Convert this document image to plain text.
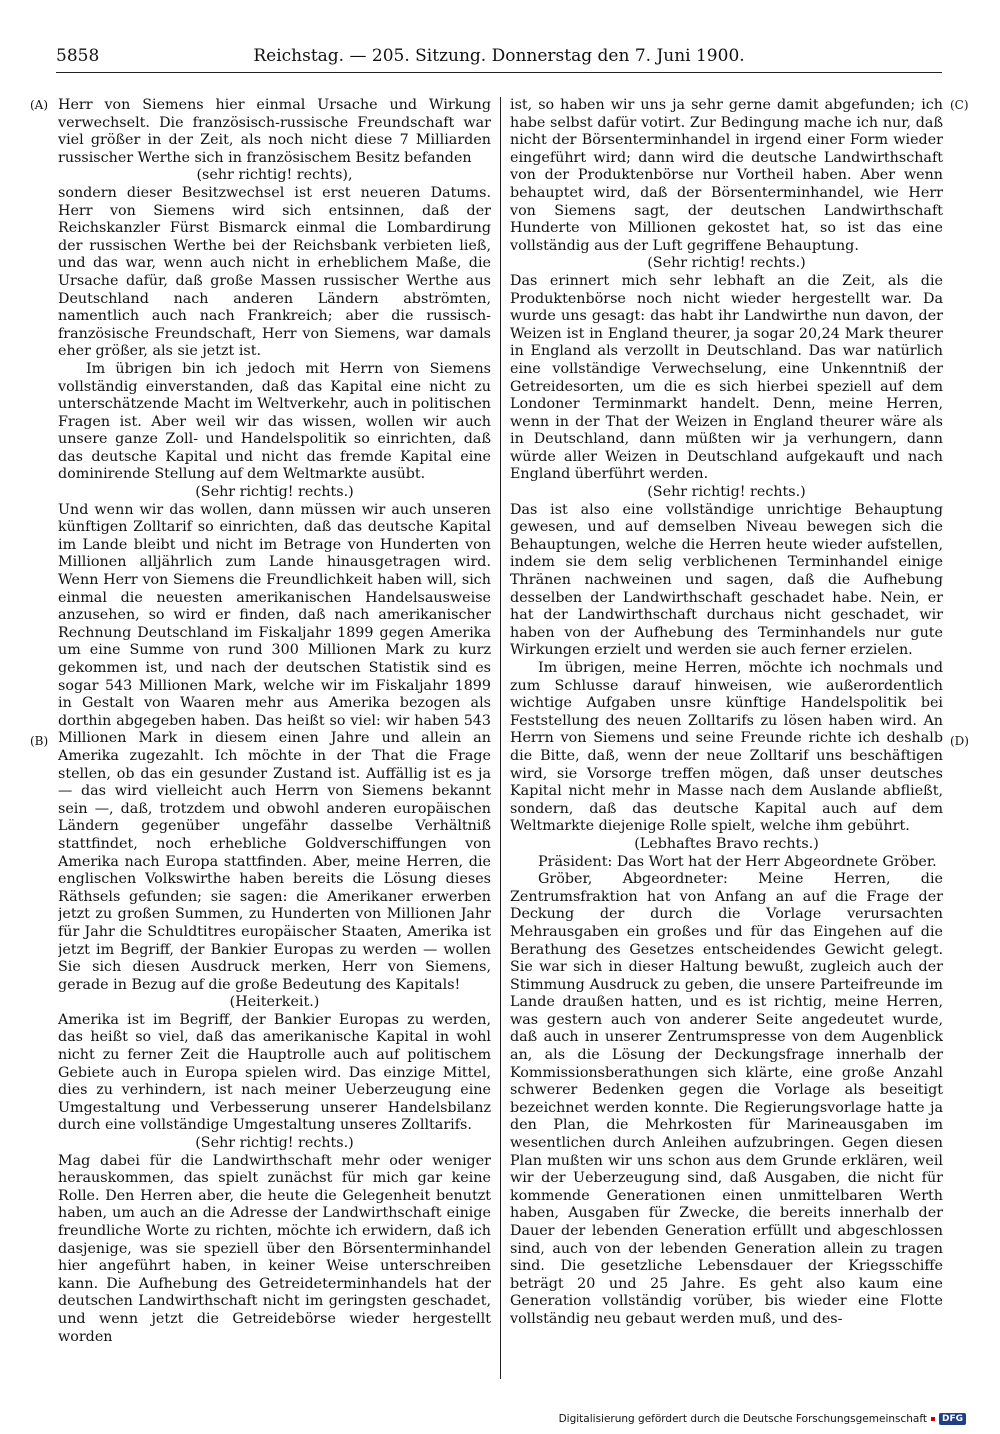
5858	Reichstag. — 205. Sitzung. Donnerstag den 7. Juni 1900.
(A)
(B)
(C)
(D)

Herr von Siemens hier einmal Ursache und Wirkung verwechselt. Die französisch-russische Freundschaft war viel größer in der Zeit, als noch nicht diese 7 Milliarden russischer Werthe sich in französischem Besitz befanden

(sehr richtig! rechts),

sondern dieser Besitzwechsel ist erst neueren Datums. Herr von Siemens wird sich entsinnen, daß der Reichskanzler Fürst Bismarck einmal die Lombardirung der russischen Werthe bei der Reichsbank verbieten ließ, und das war, wenn auch nicht in erheblichem Maße, die Ursache dafür, daß große Massen russischer Werthe aus Deutschland nach anderen Ländern abströmten, namentlich auch nach Frankreich; aber die russisch-französische Freundschaft, Herr von Siemens, war damals eher größer, als sie jetzt ist.

Im übrigen bin ich jedoch mit Herrn von Siemens vollständig einverstanden, daß das Kapital eine nicht zu unterschätzende Macht im Weltverkehr, auch in politischen Fragen ist. Aber weil wir das wissen, wollen wir auch unsere ganze Zoll- und Handelspolitik so einrichten, daß das deutsche Kapital und nicht das fremde Kapital eine dominirende Stellung auf dem Weltmarkte ausübt.

(Sehr richtig! rechts.)

Und wenn wir das wollen, dann müssen wir auch unseren künftigen Zolltarif so einrichten, daß das deutsche Kapital im Lande bleibt und nicht im Betrage von Hunderten von Millionen alljährlich zum Lande hinausgetragen wird. Wenn Herr von Siemens die Freundlichkeit haben will, sich einmal die neuesten amerikanischen Handelsausweise anzusehen, so wird er finden, daß nach amerikanischer Rechnung Deutschland im Fiskaljahr 1899 gegen Amerika um eine Summe von rund 300 Millionen Mark zu kurz gekommen ist, und nach der deutschen Statistik sind es sogar 543 Millionen Mark, welche wir im Fiskaljahr 1899 in Gestalt von Waaren mehr aus Amerika bezogen als dorthin abgegeben haben. Das heißt so viel: wir haben 543 Millionen Mark in diesem einen Jahre und allein an Amerika zugezahlt. Ich möchte in der That die Frage stellen, ob das ein gesunder Zustand ist. Auffällig ist es ja — das wird vielleicht auch Herrn von Siemens bekannt sein —, daß, trotzdem und obwohl anderen europäischen Ländern gegenüber ungefähr dasselbe Verhältniß stattfindet, noch erhebliche Goldverschiffungen von Amerika nach Europa stattfinden. Aber, meine Herren, die englischen Volkswirthe haben bereits die Lösung dieses Räthsels gefunden; sie sagen: die Amerikaner erwerben jetzt zu großen Summen, zu Hunderten von Millionen Jahr für Jahr die Schuldtitres europäischer Staaten, Amerika ist jetzt im Begriff, der Bankier Europas zu werden — wollen Sie sich diesen Ausdruck merken, Herr von Siemens, gerade in Bezug auf die große Bedeutung des Kapitals!

(Heiterkeit.)

Amerika ist im Begriff, der Bankier Europas zu werden, das heißt so viel, daß das amerikanische Kapital in wohl nicht zu ferner Zeit die Hauptrolle auch auf politischem Gebiete auch in Europa spielen wird. Das einzige Mittel, dies zu verhindern, ist nach meiner Ueberzeugung eine Umgestaltung und Verbesserung unserer Handelsbilanz durch eine vollständige Umgestaltung unseres Zolltarifs.

(Sehr richtig! rechts.)

Mag dabei für die Landwirthschaft mehr oder weniger herauskommen, das spielt zunächst für mich gar keine Rolle. Den Herren aber, die heute die Gelegenheit benutzt haben, um auch an die Adresse der Landwirthschaft einige freundliche Worte zu richten, möchte ich erwidern, daß ich dasjenige, was sie speziell über den Börsenterminhandel hier angeführt haben, in keiner Weise unterschreiben kann. Die Aufhebung des Getreideterminhandels hat der deutschen Landwirthschaft nicht im geringsten geschadet, und wenn jetzt die Getreidebörse wieder hergestellt worden

ist, so haben wir uns ja sehr gerne damit abgefunden; ich habe selbst dafür votirt. Zur Bedingung mache ich nur, daß nicht der Börsenterminhandel in irgend einer Form wieder eingeführt wird; dann wird die deutsche Landwirthschaft von der Produktenbörse nur Vortheil haben. Aber wenn behauptet wird, daß der Börsenterminhandel, wie Herr von Siemens sagt, der deutschen Landwirthschaft Hunderte von Millionen gekostet hat, so ist das eine vollständig aus der Luft gegriffene Behauptung.

(Sehr richtig! rechts.)

Das erinnert mich sehr lebhaft an die Zeit, als die Produktenbörse noch nicht wieder hergestellt war. Da wurde uns gesagt: das habt ihr Landwirthe nun davon, der Weizen ist in England theurer, ja sogar 20,24 Mark theurer in England als verzollt in Deutschland. Das war natürlich eine vollständige Verwechselung, eine Unkenntniß der Getreidesorten, um die es sich hierbei speziell auf dem Londoner Terminmarkt handelt. Denn, meine Herren, wenn in der That der Weizen in England theurer wäre als in Deutschland, dann müßten wir ja verhungern, dann würde aller Weizen in Deutschland aufgekauft und nach England überführt werden.

(Sehr richtig! rechts.)

Das ist also eine vollständige unrichtige Behauptung gewesen, und auf demselben Niveau bewegen sich die Behauptungen, welche die Herren heute wieder aufstellen, indem sie dem selig verblichenen Terminhandel einige Thränen nachweinen und sagen, daß die Aufhebung desselben der Landwirthschaft geschadet habe. Nein, er hat der Landwirthschaft durchaus nicht geschadet, wir haben von der Aufhebung des Terminhandels nur gute Wirkungen erzielt und werden sie auch ferner erzielen.

Im übrigen, meine Herren, möchte ich nochmals und zum Schlusse darauf hinweisen, wie außerordentlich wichtige Aufgaben unsre künftige Handelspolitik bei Feststellung des neuen Zolltarifs zu lösen haben wird. An Herrn von Siemens und seine Freunde richte ich deshalb die Bitte, daß, wenn der neue Zolltarif uns beschäftigen wird, sie Vorsorge treffen mögen, daß unser deutsches Kapital nicht mehr in Masse nach dem Auslande abfließt, sondern, daß das deutsche Kapital auch auf dem Weltmarkte diejenige Rolle spielt, welche ihm gebührt.

(Lebhaftes Bravo rechts.)

Präsident: Das Wort hat der Herr Abgeordnete Gröber.

Gröber, Abgeordneter: Meine Herren, die Zentrumsfraktion hat von Anfang an auf die Frage der Deckung der durch die Vorlage verursachten Mehrausgaben ein großes und für das Eingehen auf die Berathung des Gesetzes entscheidendes Gewicht gelegt. Sie war sich in dieser Haltung bewußt, zugleich auch der Stimmung Ausdruck zu geben, die unsere Parteifreunde im Lande draußen hatten, und es ist richtig, meine Herren, was gestern auch von anderer Seite angedeutet wurde, daß auch in unserer Zentrumspresse von dem Augenblick an, als die Lösung der Deckungsfrage innerhalb der Kommissionsberathungen sich klärte, eine große Anzahl schwerer Bedenken gegen die Vorlage als beseitigt bezeichnet werden konnte. Die Regierungsvorlage hatte ja den Plan, die Mehrkosten für Marineausgaben im wesentlichen durch Anleihen aufzubringen. Gegen diesen Plan mußten wir uns schon aus dem Grunde erklären, weil wir der Ueberzeugung sind, daß Ausgaben, die nicht für kommende Generationen einen unmittelbaren Werth haben, Ausgaben für Zwecke, die bereits innerhalb der Dauer der lebenden Generation erfüllt und abgeschlossen sind, auch von der lebenden Generation allein zu tragen sind. Die gesetzliche Lebensdauer der Kriegsschiffe beträgt 20 und 25 Jahre. Es geht also kaum eine Generation vollständig vorüber, bis wieder eine Flotte vollständig neu gebaut werden muß, und des-

Digitalisierung gefördert durch die Deutsche Forschungsgemeinschaft	DFG
